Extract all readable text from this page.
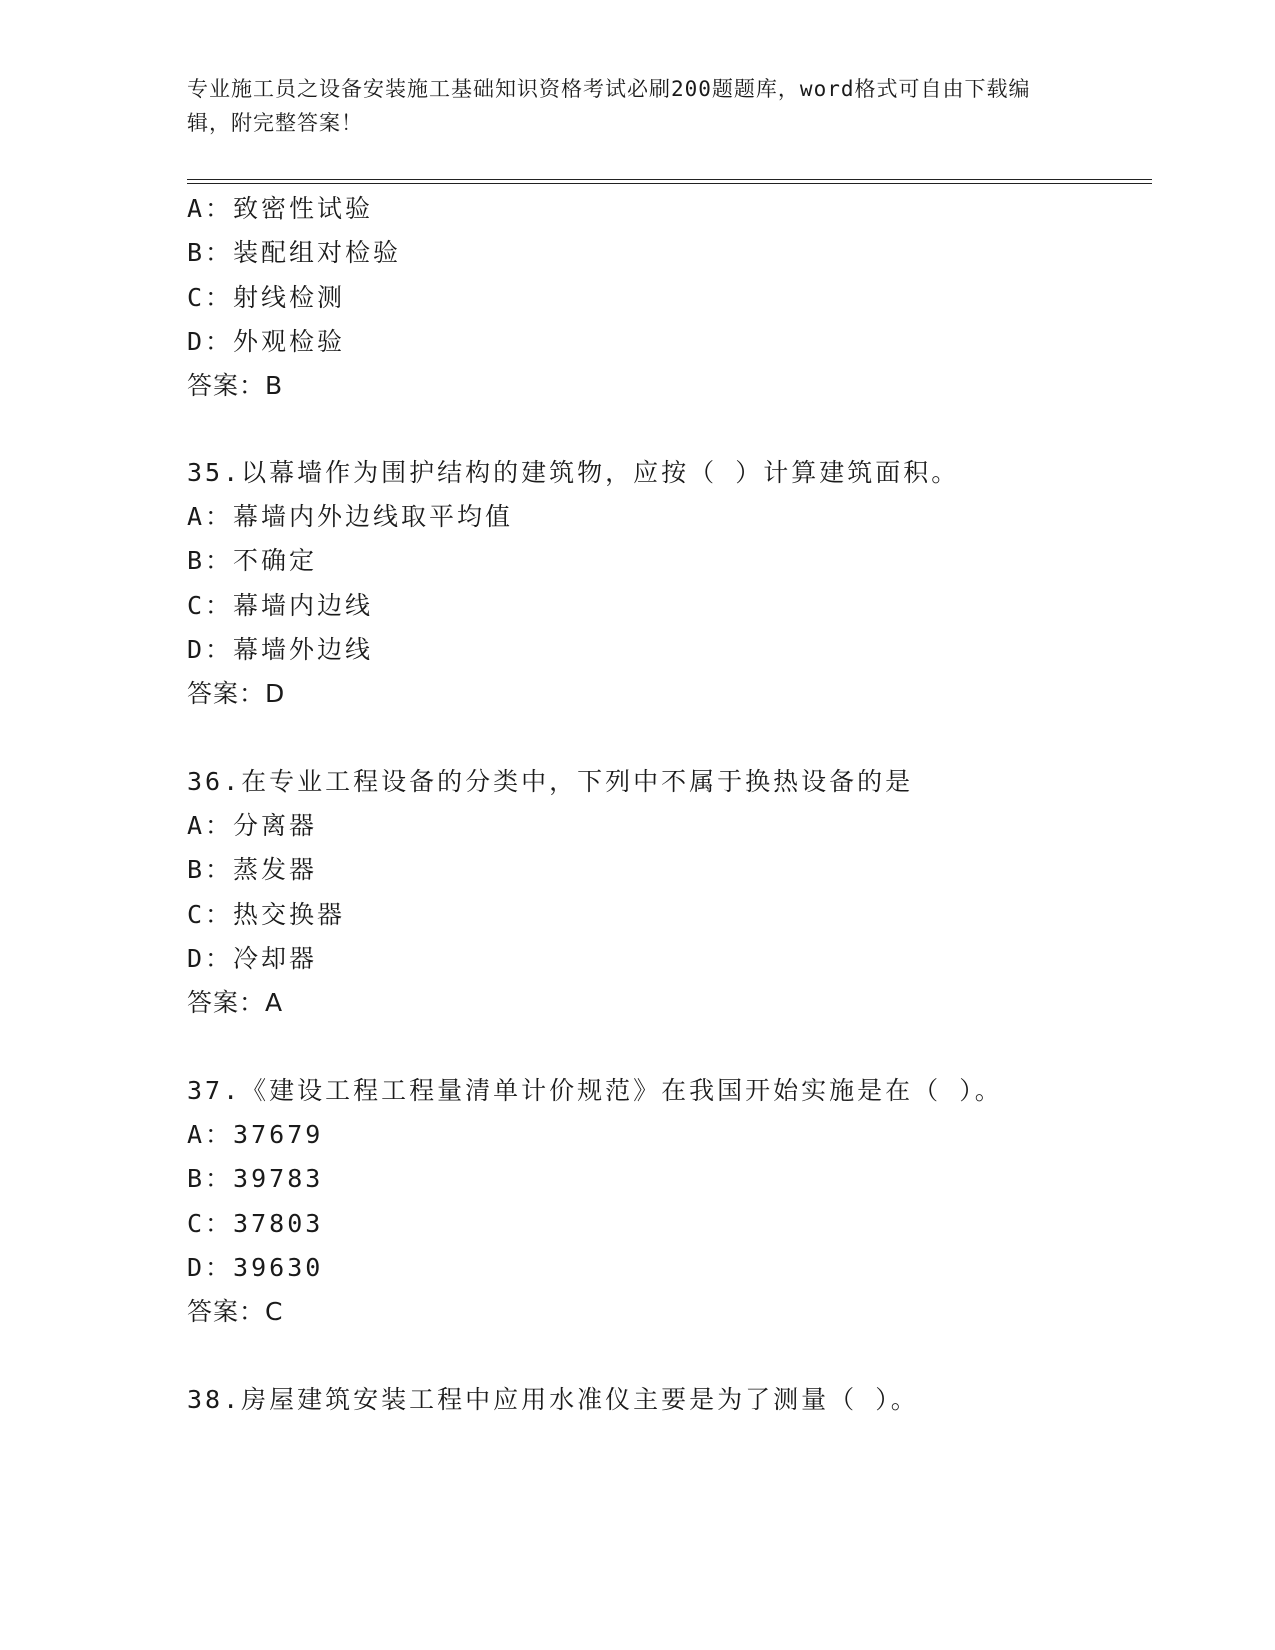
专业施工员之设备安装施工基础知识资格考试必刷200题题库，word格式可自由下载编辑，附完整答案！
A：致密性试验
B：装配组对检验
C：射线检测
D：外观检验
答案：B
35.以幕墙作为围护结构的建筑物，应按（ ）计算建筑面积。
A：幕墙内外边线取平均值
B：不确定
C：幕墙内边线
D：幕墙外边线
答案：D
36.在专业工程设备的分类中，下列中不属于换热设备的是
A：分离器
B：蒸发器
C：热交换器
D：冷却器
答案：A
37.《建设工程工程量清单计价规范》在我国开始实施是在（ ）。
A：37679
B：39783
C：37803
D：39630
答案：C
38.房屋建筑安装工程中应用水准仪主要是为了测量（ ）。
